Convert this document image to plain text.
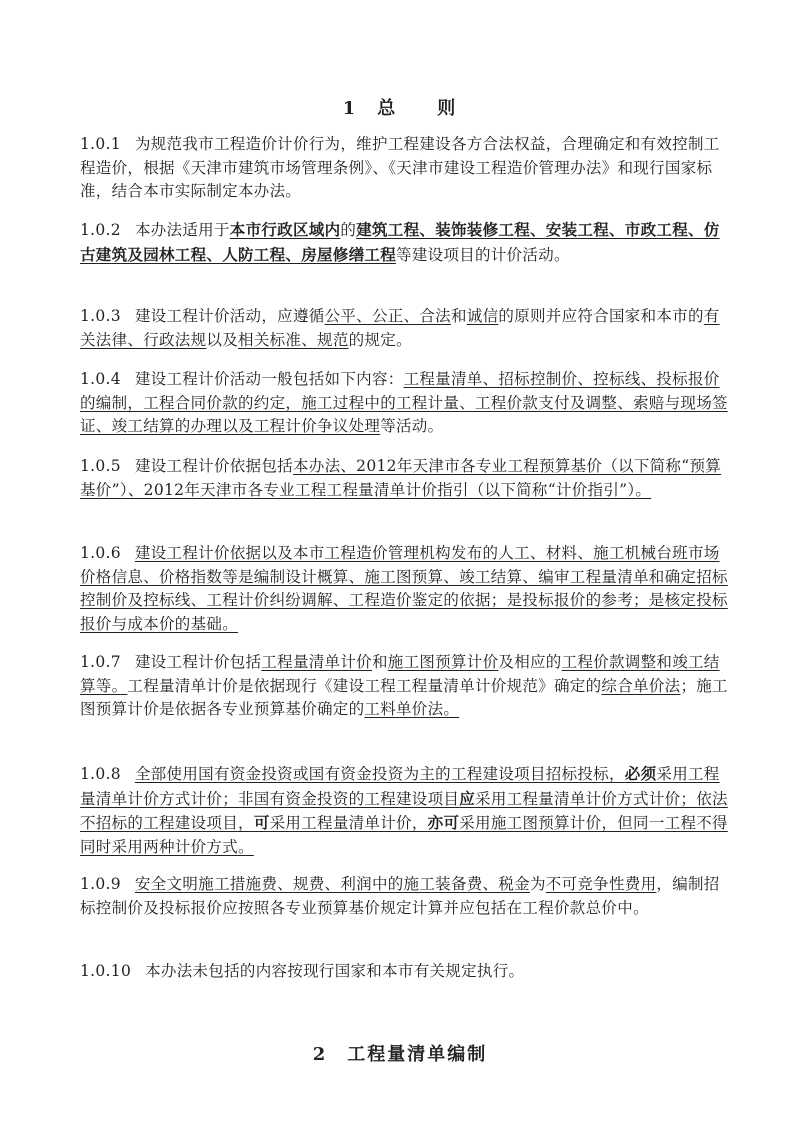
1　总　　则
1.0.1 为规范我市工程造价计价行为，维护工程建设各方合法权益，合理确定和有效控制工程造价，根据《天津市建筑市场管理条例》、《天津市建设工程造价管理办法》和现行国家标准，结合本市实际制定本办法。
1.0.2 本办法适用于本市行政区域内的建筑工程、装饰装修工程、安装工程、市政工程、仿古建筑及园林工程、人防工程、房屋修缮工程等建设项目的计价活动。
1.0.3 建设工程计价活动，应遵循公平、公正、合法和诚信的原则并应符合国家和本市的有关法律、行政法规以及相关标准、规范的规定。
1.0.4 建设工程计价活动一般包括如下内容：工程量清单、招标控制价、控标线、投标报价的编制，工程合同价款的约定，施工过程中的工程计量、工程价款支付及调整、索赔与现场签证、竣工结算的办理以及工程计价争议处理等活动。
1.0.5 建设工程计价依据包括本办法、2012年天津市各专业工程预算基价（以下简称“预算基价”）、2012年天津市各专业工程工程量清单计价指引（以下简称“计价指引”）。
1.0.6 建设工程计价依据以及本市工程造价管理机构发布的人工、材料、施工机械台班市场价格信息、价格指数等是编制设计概算、施工图预算、竣工结算、编审工程量清单和确定招标控制价及控标线、工程计价纠纷调解、工程造价鉴定的依据；是投标报价的参考；是核定投标报价与成本价的基础。
1.0.7 建设工程计价包括工程量清单计价和施工图预算计价及相应的工程价款调整和竣工结算等。工程量清单计价是依据现行《建设工程工程量清单计价规范》确定的综合单价法；施工图预算计价是依据各专业预算基价确定的工料单价法。
1.0.8 全部使用国有资金投资或国有资金投资为主的工程建设项目招标投标，必须采用工程量清单计价方式计价；非国有资金投资的工程建设项目应采用工程量清单计价方式计价；依法不招标的工程建设项目，可采用工程量清单计价，亦可采用施工图预算计价，但同一工程不得同时采用两种计价方式。
1.0.9 安全文明施工措施费、规费、利润中的施工装备费、税金为不可竞争性费用，编制招标控制价及投标报价应按照各专业预算基价规定计算并应包括在工程价款总价中。
1.0.10 本办法未包括的内容按现行国家和本市有关规定执行。
2　工程量清单编制
